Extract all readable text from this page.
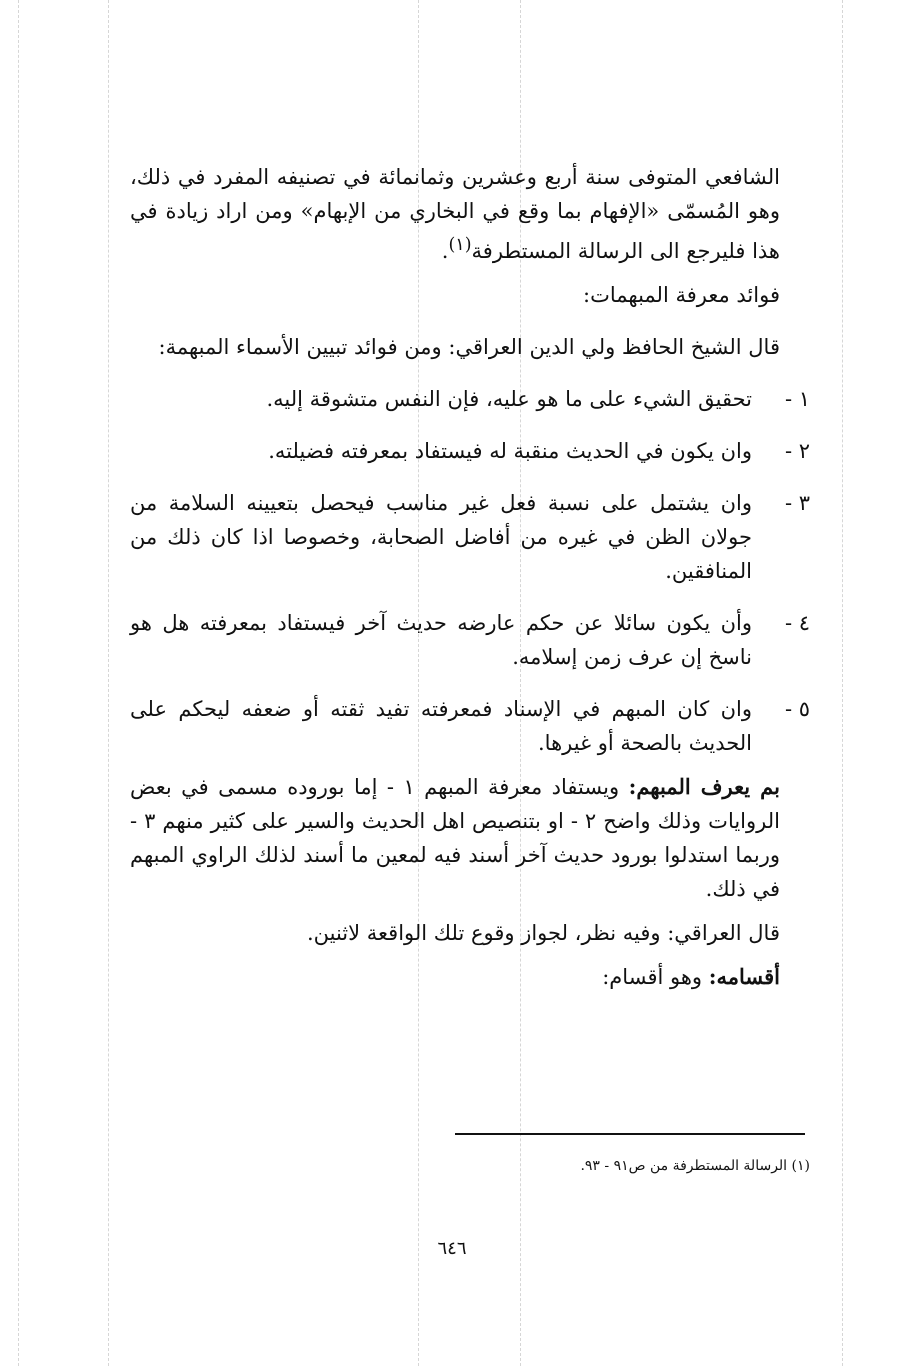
الشافعي المتوفى سنة أربع وعشرين وثمانمائة في تصنيفه المفرد في ذلك، وهو المُسمّى «الإفهام بما وقع في البخاري من الإبهام» ومن اراد زيادة في هذا فليرجع الى الرسالة المستطرفة$^{(١)}$.

فوائد معرفة المبهمات:

قال الشيخ الحافظ ولي الدين العراقي: ومن فوائد تبيين الأسماء المبهمة:

١ -
تحقيق الشيء على ما هو عليه، فإن النفس متشوقة إليه.
٢ -
وان يكون في الحديث منقبة له فيستفاد بمعرفته فضيلته.
٣ -
وان يشتمل على نسبة فعل غير مناسب فيحصل بتعيينه السلامة من جولان الظن في غيره من أفاضل الصحابة، وخصوصا اذا كان ذلك من المنافقين.
٤ -
وأن يكون سائلا عن حكم عارضه حديث آخر فيستفاد بمعرفته هل هو ناسخ إن عرف زمن إسلامه.
٥ -
وان كان المبهم في الإسناد فمعرفته تفيد ثقته أو ضعفه ليحكم على الحديث بالصحة أو غيرها.

بم يعرف المبهم: ويستفاد معرفة المبهم ١ - إما بوروده مسمى في بعض الروايات وذلك واضح ٢ - او بتنصيص اهل الحديث والسير على كثير منهم ٣ - وربما استدلوا بورود حديث آخر أسند فيه لمعين ما أسند لذلك الراوي المبهم في ذلك.

قال العراقي: وفيه نظر، لجواز وقوع تلك الواقعة لاثنين.

أقسامه: وهو أقسام:

(١) الرسالة المستطرفة من ص٩١ - ٩٣.
٦٤٦
